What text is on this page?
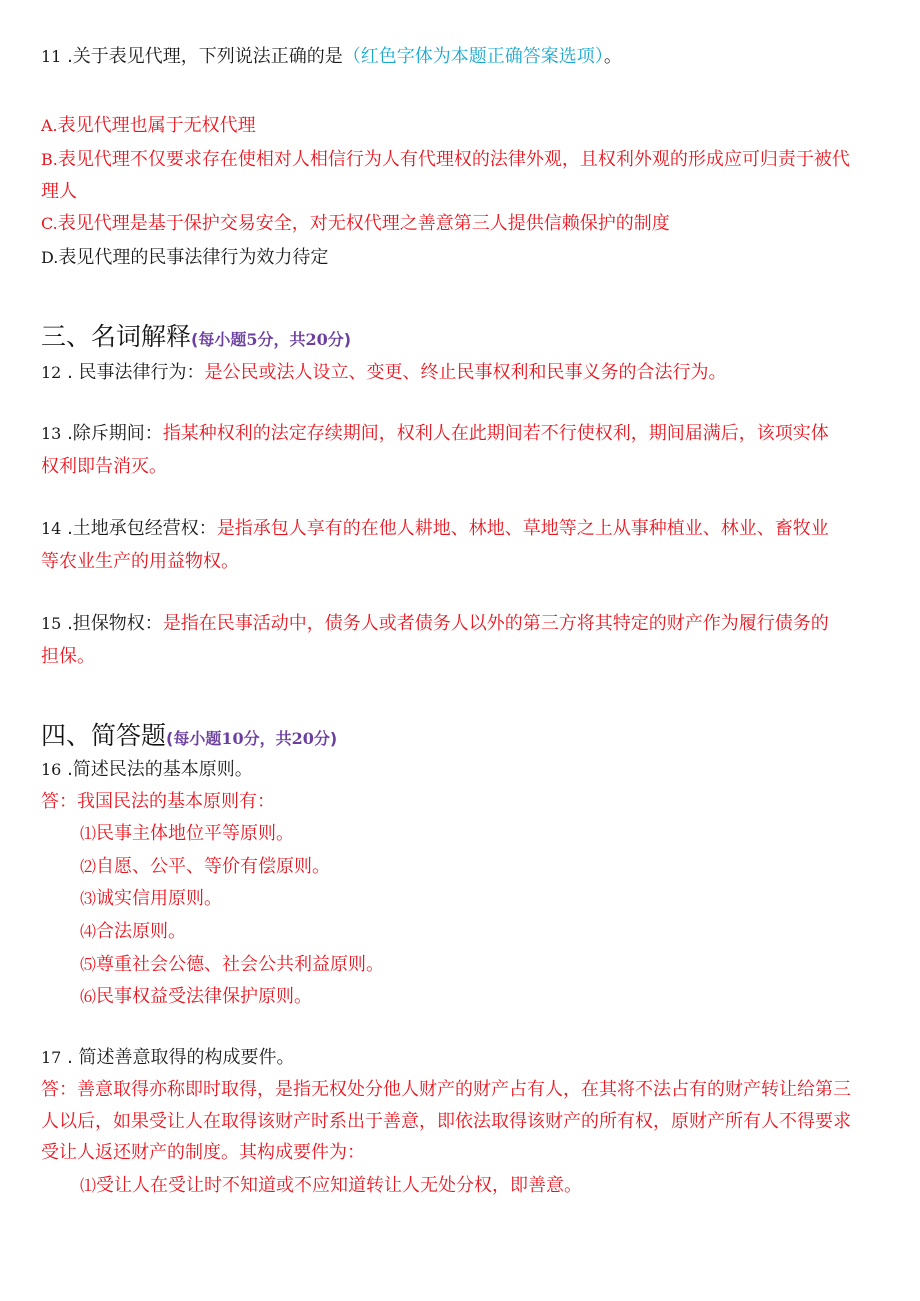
11 .关于表见代理，下列说法正确的是（红色字体为本题正确答案选项）。
A.表见代理也属于无权代理
B.表见代理不仅要求存在使相对人相信行为人有代理权的法律外观，且权利外观的形成应可归责于被代
理人
C.表见代理是基于保护交易安全，对无权代理之善意第三人提供信赖保护的制度
D.表见代理的民事法律行为效力待定
三、名词解释(每小题5分，共20分)
12 . 民事法律行为：是公民或法人设立、变更、终止民事权利和民事义务的合法行为。
13 .除斥期间：指某种权利的法定存续期间，权利人在此期间若不行使权利，期间届满后，该项实体
权利即告消灭。
14 .土地承包经营权：是指承包人享有的在他人耕地、林地、草地等之上从事种植业、林业、畜牧业
等农业生产的用益物权。
15 .担保物权：是指在民事活动中，债务人或者债务人以外的第三方将其特定的财产作为履行债务的
担保。
四、简答题(每小题10分，共20分)
16 .简述民法的基本原则。
答：我国民法的基本原则有：
⑴民事主体地位平等原则。
⑵自愿、公平、等价有偿原则。
⑶诚实信用原则。
⑷合法原则。
⑸尊重社会公德、社会公共利益原则。
⑹民事权益受法律保护原则。
17 . 简述善意取得的构成要件。
答：善意取得亦称即时取得，是指无权处分他人财产的财产占有人，在其将不法占有的财产转让给第三
人以后，如果受让人在取得该财产时系出于善意，即依法取得该财产的所有权，原财产所有人不得要求
受让人返还财产的制度。其构成要件为：
⑴受让人在受让时不知道或不应知道转让人无处分权，即善意。
